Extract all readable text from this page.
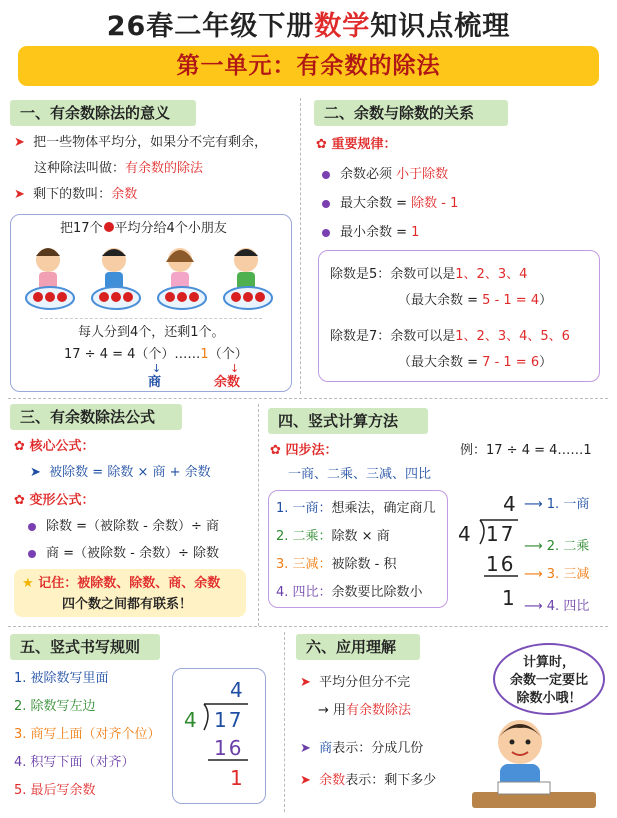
26春二年级下册数学知识点梳理
第一单元：有余数的除法
一、有余数除法的意义
➤ 把一些物体平均分，如果分不完有剩余，
这种除法叫做：有余数的除法
➤ 剩下的数叫：余数
把17个 平均分给4个小朋友
每人分到4个，还剩1个。
17 ÷ 4 = 4（个）……1（个）
↓	↓
商	余数
二、余数与除数的关系
✿ 重要规律：
余数必须 小于除数
最大余数 = 除数 - 1
最小余数 = 1
除数是5：余数可以是1、2、3、4
（最大余数 = 5 - 1 = 4）
除数是7：余数可以是1、2、3、4、5、6
（最大余数 = 7 - 1 = 6）
三、有余数除法公式
✿ 核心公式：
➤ 被除数 = 除数 × 商 + 余数
✿ 变形公式：
除数 =（被除数 - 余数）÷ 商
商 =（被除数 - 余数）÷ 除数
★ 记住：被除数、除数、商、余数
四个数之间都有联系！
四、竖式计算方法
✿ 四步法：	例：17 ÷ 4 = 4……1
一商、二乘、三减、四比
1. 一商：想乘法，确定商几
2. 二乘：除数 × 商
3. 三减：被除数 - 积
4. 四比：余数要比除数小
4
4 17
16
1
⟶ 1. 一商
⟶ 2. 二乘
⟶ 3. 三减
⟶ 4. 四比
五、竖式书写规则
1. 被除数写里面
2. 除数写左边
3. 商写上面（对齐个位）
4. 积写下面（对齐）
5. 最后写余数
4
4 17
16
1
六、应用理解
➤ 平均分但分不完
→ 用有余数除法
➤ 商表示：分成几份
➤ 余数表示：剩下多少
计算时，
余数一定要比
除数小哦！
